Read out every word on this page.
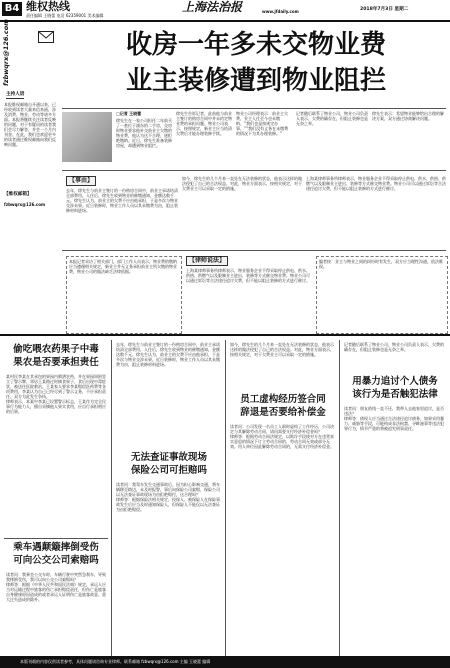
B4 维权热线
责任编辑 王晓蕾 电话 62359001 美术编辑
上海法治报	www.jfdaily.com	2018年7月3日 星期二
fzbwqrx@126.com
主持人语
本报维权邮箱自开通以来，已经收到读者大量来信来函，涉及消费、物业、劳动等诸多方面。本报将继续关注读者反映的问题，对于有疑问的读者我们会尽力解答，并会一个月内刊登。在此，我们也欢迎更多的读者通过维权邮箱向我们反映问题。
【维权邮箱】
fzbwqrx@126.com
收房一年多未交物业费
业主装修遭到物业阻拦
□记者 王晓蕾
徐先生在一家公司担任二年前买了一套位于浦东的二手房，交房时物业要求他补交前业主欠缴的物业费，他认为这不合理，遂拒绝缴纳。近日，徐先生准备装修房屋，却遭到物业阻拦。
徐先生告诉记者，此前他与前业主签订的购房合同中并未约定物业费的承担问题。物业公司表示，按照规定，新业主应当结清欠费后才能办理装修手续。
物业公司经理表示：前业主欠费，业主入住至今也未缴纳。“我们也是按规定办事。”“我们没有义务在未缴费的情况下为其办理装修。”
记者随后联系了物业公司，物业公司负责人表示，欠费的确存在，但阻止装修也是无奈之举。
徐先生表示：希望物业能够给出合理的解决方案，双方通过协商解决问题。
【事由】
去年，徐先生与前业主签订的一份购房合同中，前业主承诺结清全部费用。入住后，徐先生收到物业的催缴通知，金额达数千元。徐先生认为，前业主的欠费不应由他承担，于是多次与物业交涉未果。近日装修时，物业工作人员以其未缴费为由，阻止装修材料进场。
如今，徐先生的几个月来一直处在无法装修的状态，他表示这样的做法侵犯了自己的合法权益。对此，物业方面表示，按相关规定，对于欠费业主可以采取一定的措施。
上海某律师事务所律师表示，物业服务企业不得采取停止供电、供水、供热、供燃气以及限制业主进出、装修等方式催交物业费。物业公司可以通过诉讼等合法途径追讨欠费，但不能以阻止装修的方式进行催讨。
本报记者采访了相关部门，部门工作人员表示，物业费的缴纳应当遵循相关规定，新业主并无义务承担前业主所欠缴的物业费，物业公司的做法缺乏法律依据。
【律师说法】
上海某律师事务所律师表示，物业服务企业不得采取停止供电、供水、供热、供燃气以及限制业主进出、装修等方式催交物业费。物业公司可以通过诉讼等合法途径追讨欠费，但不能以阻止装修的方式进行催讨。
编者按：业主与物业之间的纠纷时有发生，双方应当理性沟通，依法维权。
偷吃喂农药果子中毒
果农是否要承担责任
某村民李某在其承包的果园内喷洒农药，并在果园周围竖立了警示牌。邻居王某路过时摘食果子，食后出现中毒症状，被送往医院救治。王某家人要求李某赔偿医药费等各项费用，李某认为自己已经尽到了警示义务，不应承担责任。双方为此发生争执。
律师表示，本案中李某已设置警示标志，王某作为完全民事行为能力人，擅自采摘他人果实食用，应自行承担相应的后果。
乘车遇颠簸摔倒受伤
可向公交公司索赔吗
读者问：我乘坐公交车时，车辆行驶中突然急刹车，导致我摔倒受伤，我可以向公交公司索赔吗？
律师答：根据《中华人民共和国民法典》规定，承运人应当对运输过程中旅客的伤亡承担赔偿责任，但伤亡是旅客自身健康原因造成的或者承运人证明伤亡是旅客故意、重大过失造成的除外。
去年，徐先生与前业主签订的一份购房合同中，前业主承诺结清全部费用。入住后，徐先生收到物业的催缴通知，金额达数千元。徐先生认为，前业主的欠费不应由他承担，于是多次与物业交涉未果。近日装修时，物业工作人员以其未缴费为由，阻止装修材料进场。
无法查证事故现场
保险公司可拒赔吗
读者问：我驾车发生交通事故后，因为担心影响交通，将车辆移至路边，未及时报警。事后向保险公司索赔，保险公司以无法查证事故现场为由拒绝赔付，这合理吗？
律师答：根据保险法相关规定，投保人、被保险人在保险事故发生后应当及时通知保险人，但保险人不能仅以无法查证为由拒绝赔偿。
如今，徐先生的几个月来一直处在无法装修的状态，他表示这样的做法侵犯了自己的合法权益。对此，物业方面表示，按相关规定，对于欠费业主可以采取一定的措施。
员工虚构经历签合同
辞退是否要给补偿金
读者问：公司发现一名员工入职时虚构了工作经历，公司决定与其解除劳动合同，请问需要支付经济补偿金吗？
律师答：根据劳动合同法规定，以欺诈手段使对方在违背真实意思的情况下订立劳动合同的，劳动合同无效或部分无效。用人单位因此解除劳动合同的，无需支付经济补偿金。
记者随后联系了物业公司，物业公司负责人表示，欠费的确存在，但阻止装修也是无奈之举。
用暴力追讨个人债务
该行为是否触犯法律
读者问：朋友借钱一直不还，我带人去他家里追讨，是否违法？
律师答：债权人应当通过合法途径追讨债务，如果采用暴力、威胁等手段，可能构成非法拘禁、寻衅滋事等违法犯罪行为，情节严重的将被追究刑事责任。
本版刊载的内容仅供读者参考，具体问题请咨询专业律师。联系邮箱 fzbwqrx@126.com 主编 王晓蕾 编辑
